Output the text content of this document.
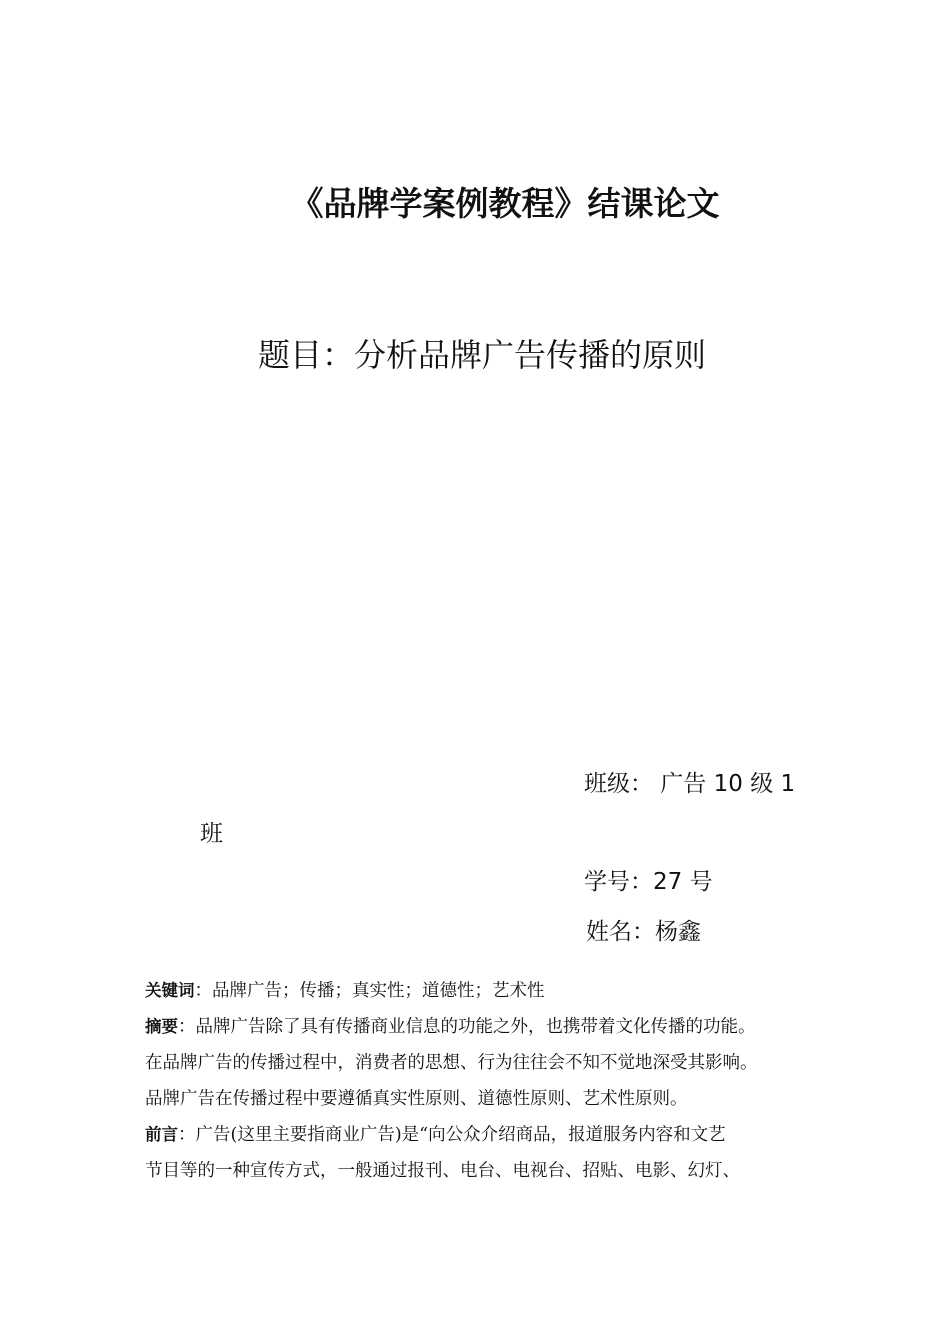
《品牌学案例教程》结课论文
题目：分析品牌广告传播的原则
班级： 广告 10 级 1
班
学号：27 号
姓名：杨鑫
关键词：品牌广告；传播；真实性；道德性；艺术性
摘要：品牌广告除了具有传播商业信息的功能之外，也携带着文化传播的功能。
在品牌广告的传播过程中，消费者的思想、行为往往会不知不觉地深受其影响。
品牌广告在传播过程中要遵循真实性原则、道德性原则、艺术性原则。
前言：广告(这里主要指商业广告)是“向公众介绍商品，报道服务内容和文艺
节目等的一种宣传方式，一般通过报刊、电台、电视台、招贴、电影、幻灯、
